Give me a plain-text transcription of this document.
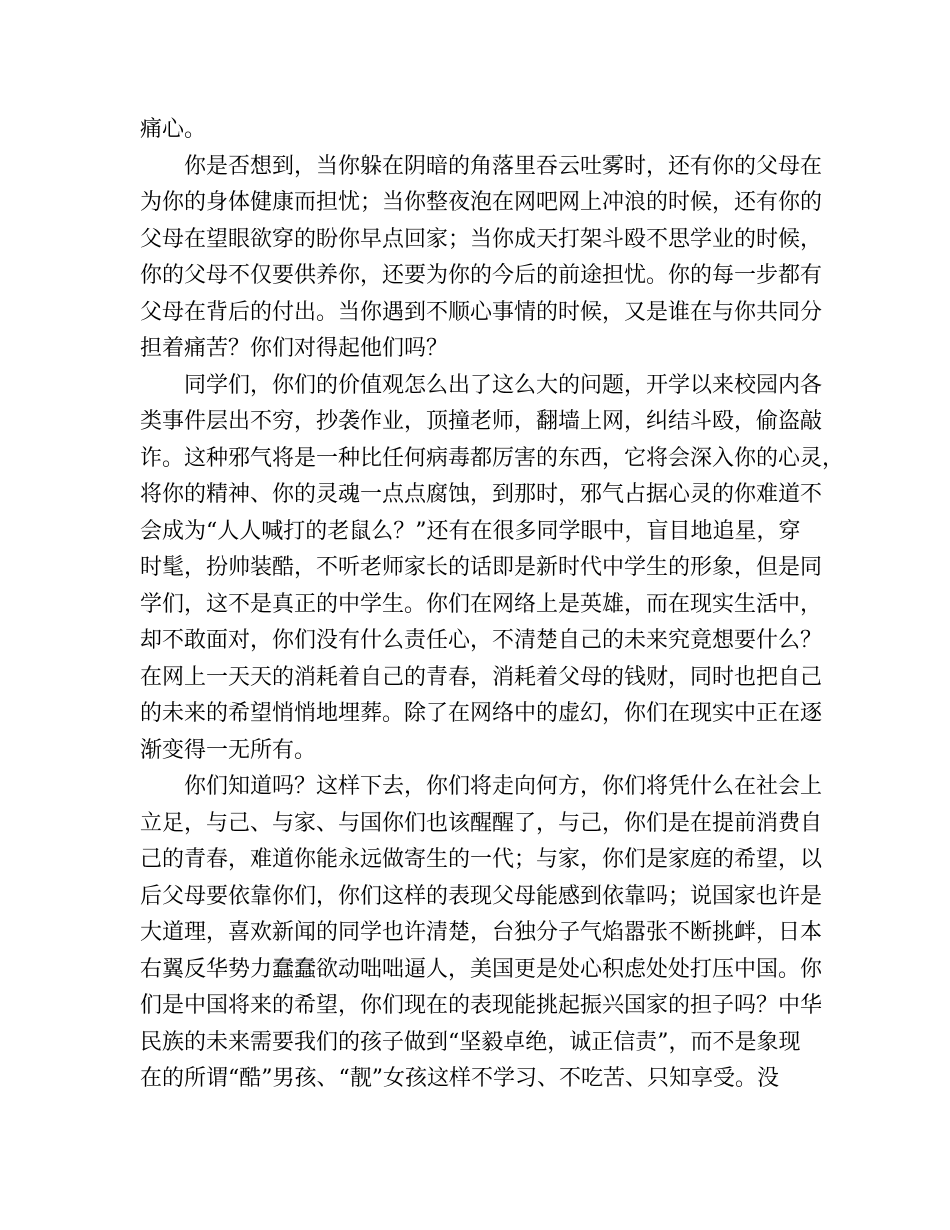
痛心。
你是否想到，当你躲在阴暗的角落里吞云吐雾时，还有你的父母在
为你的身体健康而担忧；当你整夜泡在网吧网上冲浪的时候，还有你的
父母在望眼欲穿的盼你早点回家；当你成天打架斗殴不思学业的时候，
你的父母不仅要供养你，还要为你的今后的前途担忧。你的每一步都有
父母在背后的付出。当你遇到不顺心事情的时候，又是谁在与你共同分
担着痛苦？你们对得起他们吗？
同学们，你们的价值观怎么出了这么大的问题，开学以来校园内各
类事件层出不穷，抄袭作业，顶撞老师，翻墙上网，纠结斗殴，偷盗敲
诈。这种邪气将是一种比任何病毒都厉害的东西，它将会深入你的心灵，
将你的精神、你的灵魂一点点腐蚀，到那时，邪气占据心灵的你难道不
会成为“人人喊打的老鼠么？”还有在很多同学眼中，盲目地追星，穿
时髦，扮帅装酷，不听老师家长的话即是新时代中学生的形象，但是同
学们，这不是真正的中学生。你们在网络上是英雄，而在现实生活中，
却不敢面对，你们没有什么责任心，不清楚自己的未来究竟想要什么？
在网上一天天的消耗着自己的青春，消耗着父母的钱财，同时也把自己
的未来的希望悄悄地埋葬。除了在网络中的虚幻，你们在现实中正在逐
渐变得一无所有。
你们知道吗？这样下去，你们将走向何方，你们将凭什么在社会上
立足，与己、与家、与国你们也该醒醒了，与己，你们是在提前消费自
己的青春，难道你能永远做寄生的一代；与家，你们是家庭的希望，以
后父母要依靠你们，你们这样的表现父母能感到依靠吗；说国家也许是
大道理，喜欢新闻的同学也许清楚，台独分子气焰嚣张不断挑衅，日本
右翼反华势力蠢蠢欲动咄咄逼人，美国更是处心积虑处处打压中国。你
们是中国将来的希望，你们现在的表现能挑起振兴国家的担子吗？中华
民族的未来需要我们的孩子做到“坚毅卓绝，诚正信责”，而不是象现
在的所谓“酷”男孩、“靓”女孩这样不学习、不吃苦、只知享受。没
